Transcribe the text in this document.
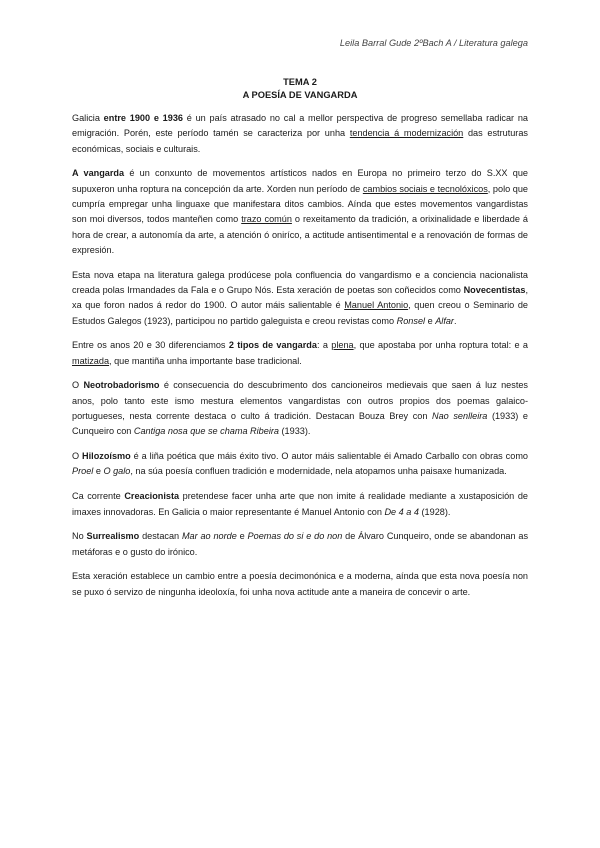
Leila Barral Gude 2ºBach A / Literatura galega
TEMA 2
A POESÍA DE VANGARDA

Galicia entre 1900 e 1936 é un país atrasado no cal a mellor perspectiva de progreso semellaba radicar na emigración. Porén, este período tamén se caracteriza por unha tendencia á modernización das estruturas económicas, sociais e culturais.

A vangarda é un conxunto de movementos artísticos nados en Europa no primeiro terzo do S.XX que supuxeron unha roptura na concepción da arte. Xorden nun período de cambios sociais e tecnolóxicos, polo que cumpría empregar unha linguaxe que manifestara ditos cambios. Aínda que estes movementos vangardistas son moi diversos, todos manteñen como trazo común o rexeitamento da tradición, a orixinalidade e liberdade á hora de crear, a autonomía da arte, a atención ó oniríco, a actitude antisentimental e a renovación de formas de expresión.

Esta nova etapa na literatura galega prodúcese pola confluencia do vangardismo e a conciencia nacionalista creada polas Irmandades da Fala e o Grupo Nós. Esta xeración de poetas son coñecidos como Novecentistas, xa que foron nados á redor do 1900. O autor máis salientable é Manuel Antonio, quen creou o Seminario de Estudos Galegos (1923), participou no partido galeguista e creou revistas como Ronsel e Alfar.

Entre os anos 20 e 30 diferenciamos 2 tipos de vangarda: a plena, que apostaba por unha roptura total: e a matizada, que mantiña unha importante base tradicional.

O Neotrobadorismo é consecuencia do descubrimento dos cancioneiros medievais que saen á luz nestes anos, polo tanto este ismo mestura elementos vangardistas con outros propios dos poemas galaico-portugueses, nesta corrente destaca o culto á tradición. Destacan Bouza Brey con Nao senlleira (1933) e Cunqueiro con Cantiga nosa que se chama Ribeira (1933).

O Hilozoísmo é a liña poética que máis éxito tivo. O autor máis salientable éi Amado Carballo con obras como Proel e O galo, na súa poesía confluen tradición e modernidade, nela atopamos unha paisaxe humanizada.

Ca corrente Creacionista pretendese facer unha arte que non imite á realidade mediante a xustaposición de imaxes innovadoras. En Galicia o maior representante é Manuel Antonio con De 4 a 4 (1928).

No Surrealismo destacan Mar ao norde e Poemas do si e do non de Álvaro Cunqueiro, onde se abandonan as metáforas e o gusto do irónico.

Esta xeración establece un cambio entre a poesía decimonónica e a moderna, aínda que esta nova poesía non se puxo ó servizo de ningunha ideoloxía, foi unha nova actitude ante a maneira de concevir o arte.
